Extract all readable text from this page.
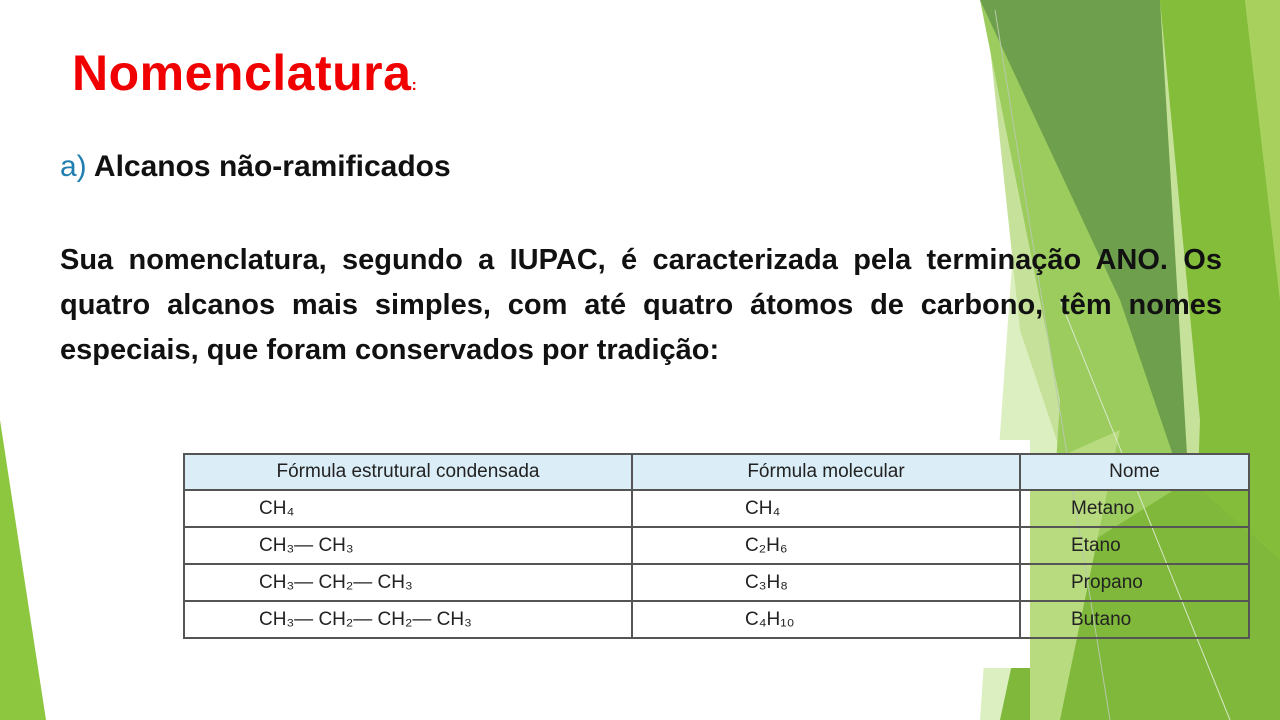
Nomenclatura:
a) Alcanos não-ramificados

Sua nomenclatura, segundo a IUPAC, é caracterizada pela terminação ANO. Os quatro alcanos mais simples, com até quatro átomos de carbono, têm nomes especiais, que foram conservados por tradição:

Fórmula estrutural condensada	Fórmula molecular	Nome
CH₄	CH₄	Metano
CH₃— CH₃	C₂H₆	Etano
CH₃— CH₂— CH₃	C₃H₈	Propano
CH₃— CH₂— CH₂— CH₃	C₄H₁₀	Butano
